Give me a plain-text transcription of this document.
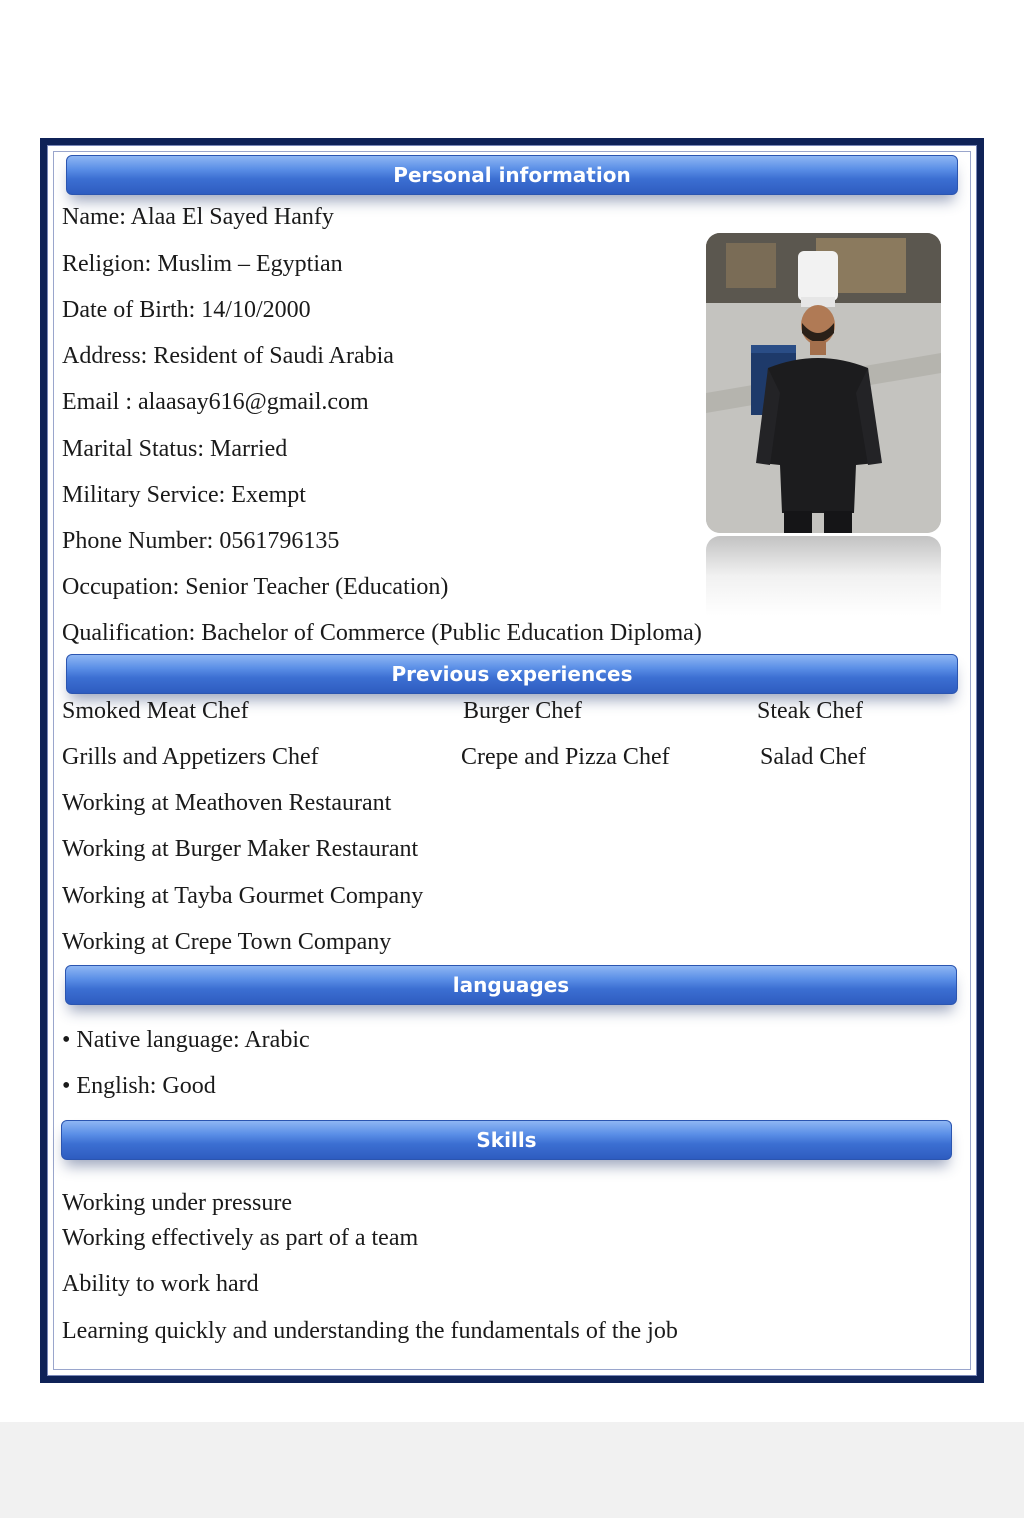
Personal information
Name: Alaa El Sayed Hanfy
Religion: Muslim – Egyptian
Date of Birth: 14/10/2000
Address: Resident of Saudi Arabia
Email : alaasay616@gmail.com
Marital Status: Married
Military Service: Exempt
Phone Number: 0561796135
Occupation: Senior Teacher (Education)
Qualification: Bachelor of Commerce (Public Education Diploma)
Previous experiences
Smoked Meat Chef	Burger Chef	Steak Chef
Grills and Appetizers Chef	Crepe and Pizza Chef	Salad Chef
Working at Meathoven Restaurant
Working at Burger Maker Restaurant
Working at Tayba Gourmet Company
Working at Crepe Town Company
languages
• Native language: Arabic
• English: Good
Skills
Working under pressure
Working effectively as part of a team
Ability to work hard
Learning quickly and understanding the fundamentals of the job
